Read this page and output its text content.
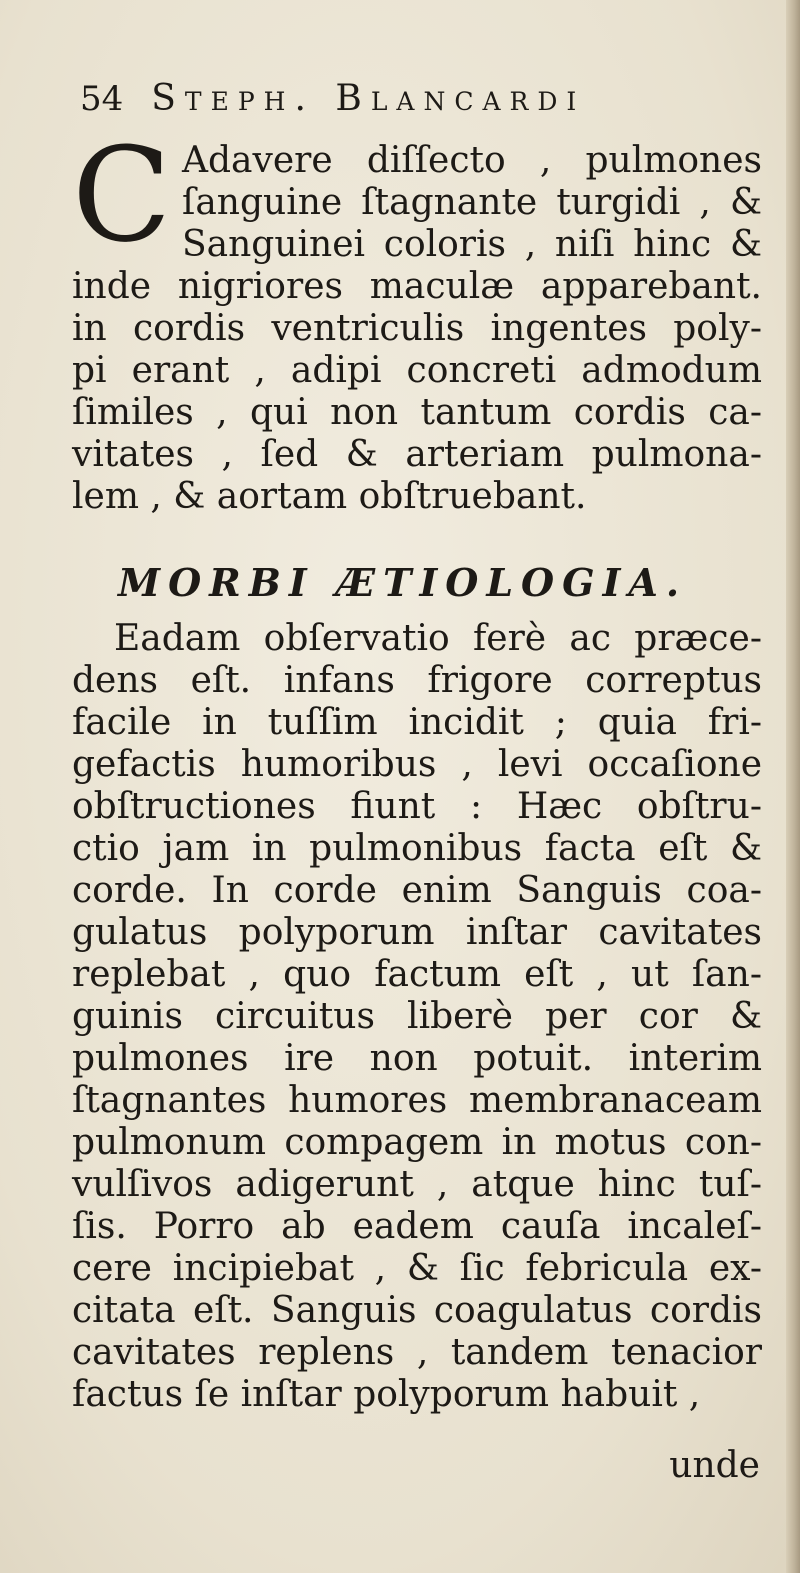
54 Steph. Blancardi
C Adavere diſſecto , pulmones
ſanguine ſtagnante turgidi , &
Sanguinei coloris , niſi hinc &
inde nigriores maculæ apparebant.
in cordis ventriculis ingentes poly-
pi erant , adipi concreti admodum
ſimiles , qui non tantum cordis ca-
vitates , ſed & arteriam pulmona-
lem , & aortam obſtruebant.
MORBI ÆTIOLOGIA.
Eadam obſervatio ferè ac præce-
dens eſt. infans frigore correptus
facile in tuſſim incidit ; quia fri-
gefactis humoribus , levi occaſione
obſtructiones fiunt : Hæc obſtru-
ctio jam in pulmonibus facta eſt &
corde. In corde enim Sanguis coa-
gulatus polyporum inſtar cavitates
replebat , quo factum eſt , ut ſan-
guinis circuitus liberè per cor &
pulmones ire non potuit. interim
ſtagnantes humores membranaceam
pulmonum compagem in motus con-
vulſivos adigerunt , atque hinc tuſ-
ſis. Porro ab eadem cauſa incaleſ-
cere incipiebat , & ſic febricula ex-
citata eſt. Sanguis coagulatus cordis
cavitates replens , tandem tenacior
factus ſe inſtar polyporum habuit ,
unde
